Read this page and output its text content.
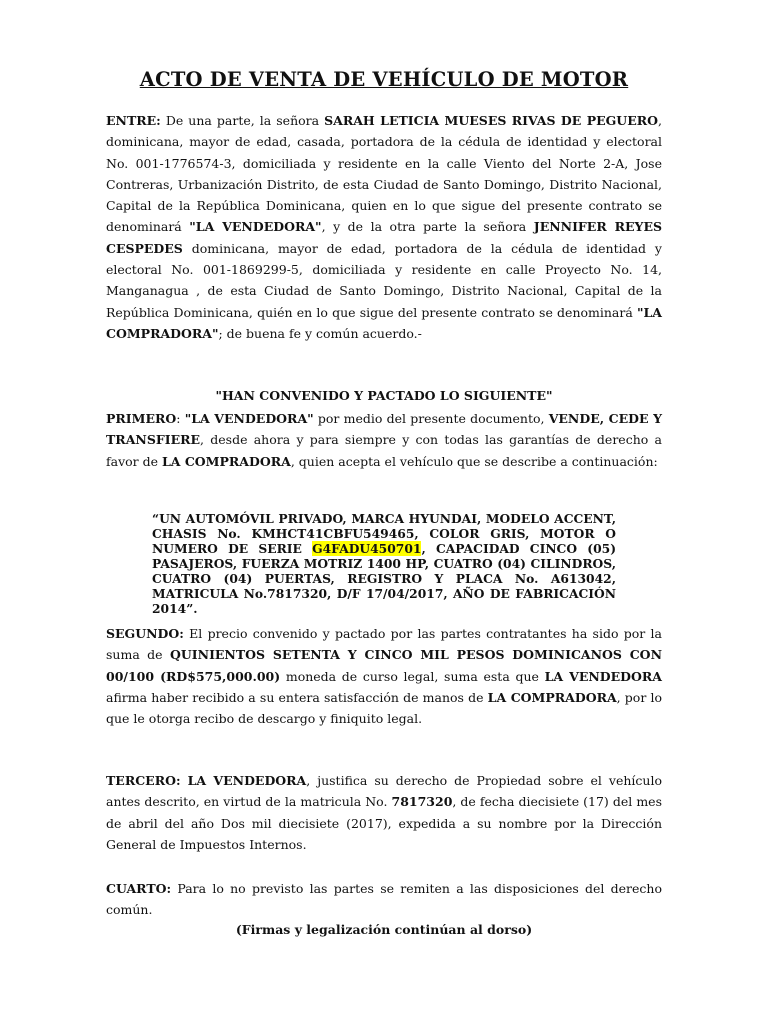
ACTO DE VENTA DE VEHÍCULO DE MOTOR

ENTRE: De una parte, la señora SARAH LETICIA MUESES RIVAS DE PEGUERO, dominicana, mayor de edad, casada, portadora de la cédula de identidad y electoral No. 001-1776574-3, domiciliada y residente en la calle Viento del Norte 2-A, Jose Contreras, Urbanización Distrito, de esta Ciudad de Santo Domingo, Distrito Nacional, Capital de la República Dominicana, quien en lo que sigue del presente contrato se denominará "LA VENDEDORA", y de la otra parte la señora JENNIFER REYES CESPEDES dominicana, mayor de edad, portadora de la cédula de identidad y electoral No. 001-1869299-5, domiciliada y residente en calle Proyecto No. 14, Manganagua , de esta Ciudad de Santo Domingo, Distrito Nacional, Capital de la República Dominicana, quién en lo que sigue del presente contrato se denominará "LA COMPRADORA"; de buena fe y común acuerdo.-

"HAN CONVENIDO Y PACTADO LO SIGUIENTE"

PRIMERO: "LA VENDEDORA" por medio del presente documento, VENDE, CEDE Y TRANSFIERE, desde ahora y para siempre y con todas las garantías de derecho a favor de LA COMPRADORA, quien acepta el vehículo que se describe a continuación:

“UN AUTOMÓVIL PRIVADO, MARCA HYUNDAI, MODELO ACCENT, CHASIS No. KMHCT41CBFU549465, COLOR GRIS, MOTOR O NUMERO DE SERIE G4FADU450701, CAPACIDAD CINCO (05) PASAJEROS, FUERZA MOTRIZ 1400 HP, CUATRO (04) CILINDROS, CUATRO (04) PUERTAS, REGISTRO Y PLACA No. A613042, MATRICULA No.7817320, D/F 17/04/2017, AÑO DE FABRICACIÓN 2014”.

SEGUNDO: El precio convenido y pactado por las partes contratantes ha sido por la suma de QUINIENTOS SETENTA Y CINCO MIL PESOS DOMINICANOS CON 00/100 (RD$575,000.00) moneda de curso legal, suma esta que LA VENDEDORA afirma haber recibido a su entera satisfacción de manos de LA COMPRADORA, por lo que le otorga recibo de descargo y finiquito legal.

TERCERO: LA VENDEDORA, justifica su derecho de Propiedad sobre el vehículo antes descrito, en virtud de la matricula No. 7817320, de fecha diecisiete (17) del mes de abril del año Dos mil diecisiete (2017), expedida a su nombre por la Dirección General de Impuestos Internos.

CUARTO: Para lo no previsto las partes se remiten a las disposiciones del derecho común.

(Firmas y legalización continúan al dorso)
